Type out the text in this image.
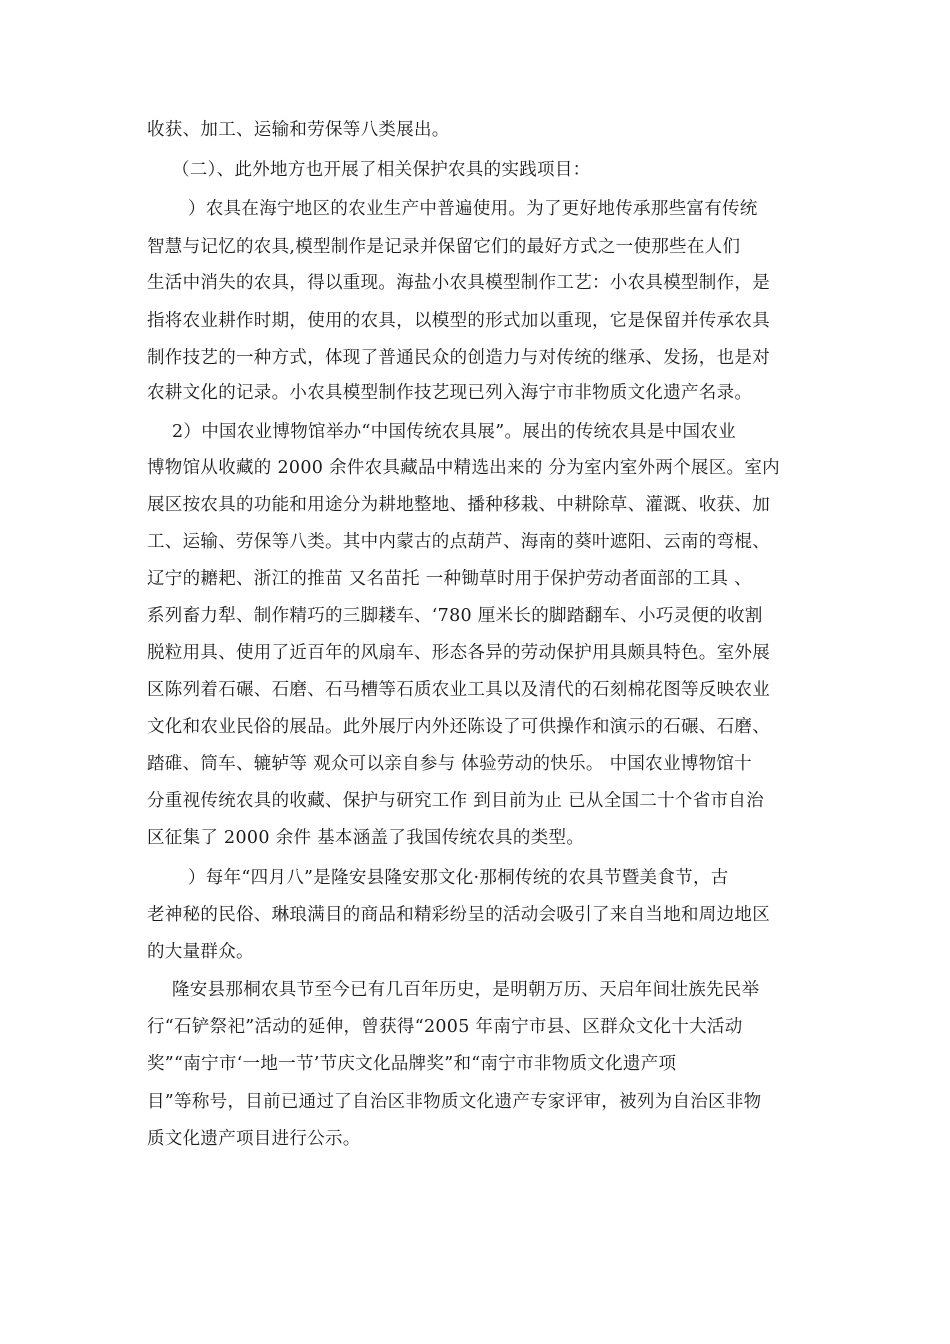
收获、加工、运输和劳保等八类展出。
（二）、此外地方也开展了相关保护农具的实践项目：
）农具在海宁地区的农业生产中普遍使用。为了更好地传承那些富有传统
智慧与记忆的农具,模型制作是记录并保留它们的最好方式之一使那些在人们
生活中消失的农具，得以重现。海盐小农具模型制作工艺：小农具模型制作，是
指将农业耕作时期，使用的农具，以模型的形式加以重现，它是保留并传承农具
制作技艺的一种方式，体现了普通民众的创造力与对传统的继承、发扬，也是对
农耕文化的记录。小农具模型制作技艺现已列入海宁市非物质文化遗产名录。
2）中国农业博物馆举办“中国传统农具展”。展出的传统农具是中国农业
博物馆从收藏的 2000 余件农具藏品中精选出来的 分为室内室外两个展区。室内
展区按农具的功能和用途分为耕地整地、播种移栽、中耕除草、灌溉、收获、加
工、运输、劳保等八类。其中内蒙古的点葫芦、海南的葵叶遮阳、云南的弯棍、
辽宁的耱耙、浙江的推苗 又名苗托 一种锄草时用于保护劳动者面部的工具 、
系列畜力犁、制作精巧的三脚耧车、‘780 厘米长的脚踏翻车、小巧灵便的收割
脱粒用具、使用了近百年的风扇车、形态各异的劳动保护用具颇具特色。室外展
区陈列着石碾、石磨、石马槽等石质农业工具以及清代的石刻棉花图等反映农业
文化和农业民俗的展品。此外展厅内外还陈设了可供操作和演示的石碾、石磨、
踏碓、筒车、辘轳等 观众可以亲自参与 体验劳动的快乐。 中国农业博物馆十
分重视传统农具的收藏、保护与研究工作 到目前为止 已从全国二十个省市自治
区征集了 2000 余件 基本涵盖了我国传统农具的类型。
）每年“四月八”是隆安县隆安那文化·那桐传统的农具节暨美食节，古
老神秘的民俗、琳琅满目的商品和精彩纷呈的活动会吸引了来自当地和周边地区
的大量群众。
隆安县那桐农具节至今已有几百年历史，是明朝万历、天启年间壮族先民举
行“石铲祭祀”活动的延伸，曾获得“2005 年南宁市县、区群众文化十大活动
奖”“南宁市‘一地一节’节庆文化品牌奖”和“南宁市非物质文化遗产项
目”等称号，目前已通过了自治区非物质文化遗产专家评审，被列为自治区非物
质文化遗产项目进行公示。
